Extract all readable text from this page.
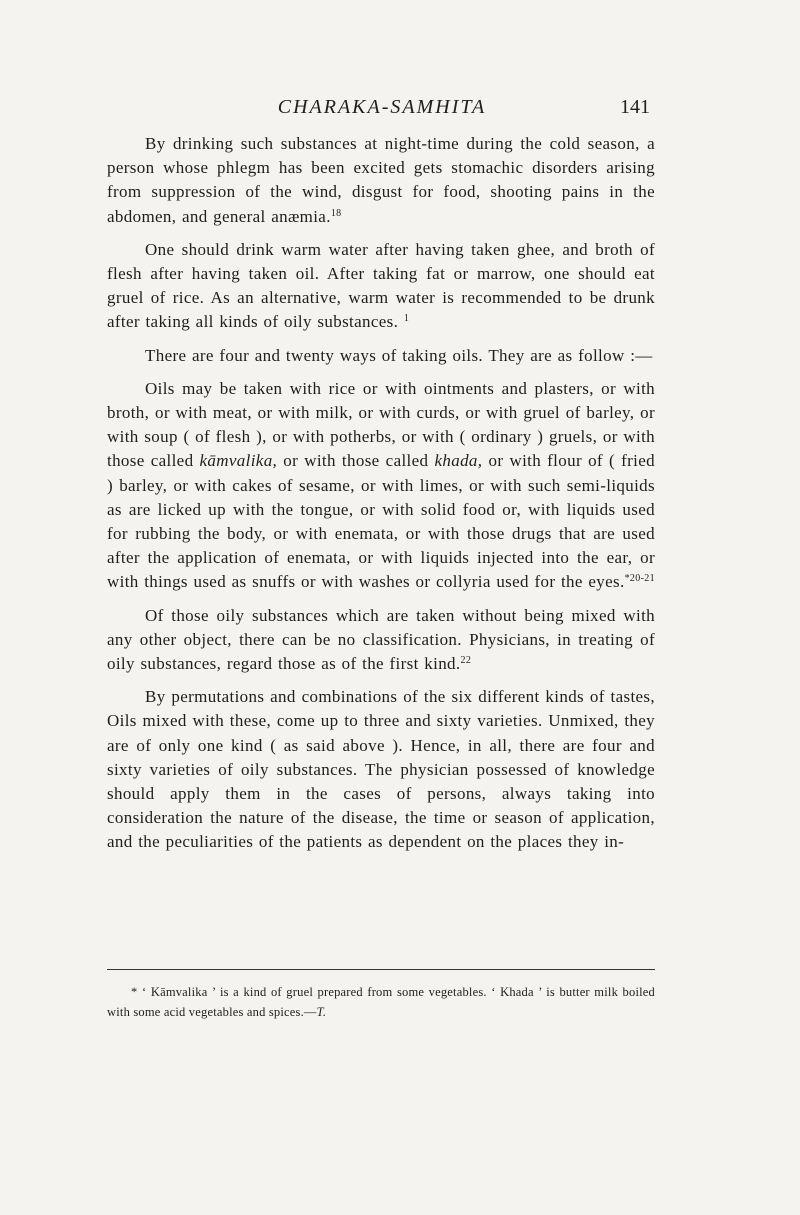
CHARAKA-SAMHITA	141

By drinking such substances at night-time during the cold season, a person whose phlegm has been excited gets stomachic disorders arising from suppression of the wind, disgust for food, shooting pains in the abdomen, and general anæmia.$^{18}$

One should drink warm water after having taken ghee, and broth of flesh after having taken oil. After taking fat or marrow, one should eat gruel of rice. As an alternative, warm water is recommended to be drunk after taking all kinds of oily substances. $^1$

There are four and twenty ways of taking oils. They are as follow :—

Oils may be taken with rice or with ointments and plasters, or with broth, or with meat, or with milk, or with curds, or with gruel of barley, or with soup ( of flesh ), or with potherbs, or with ( ordinary ) gruels, or with those called kāmvalika, or with those called khada, or with flour of ( fried ) barley, or with cakes of sesame, or with limes, or with such semi-liquids as are licked up with the tongue, or with solid food or, with liquids used for rubbing the body, or with enemata, or with those drugs that are used after the application of enemata, or with liquids injected into the ear, or with things used as snuffs or with washes or collyria used for the eyes.$^{*20-21}$

Of those oily substances which are taken without being mixed with any other object, there can be no classification. Physicians, in treating of oily substances, regard those as of the first kind.$^{22}$

By permutations and combinations of the six different kinds of tastes, Oils mixed with these, come up to three and sixty varieties. Unmixed, they are of only one kind ( as said above ). Hence, in all, there are four and sixty varieties of oily substances. The physician possessed of knowledge should apply them in the cases of persons, always taking into consideration the nature of the disease, the time or season of application, and the peculiarities of the patients as dependent on the places they in-

* ‘ Kāmvalika ’ is a kind of gruel prepared from some vegetables. ‘ Khada ’ is butter milk boiled with some acid vegetables and spices.—T.
